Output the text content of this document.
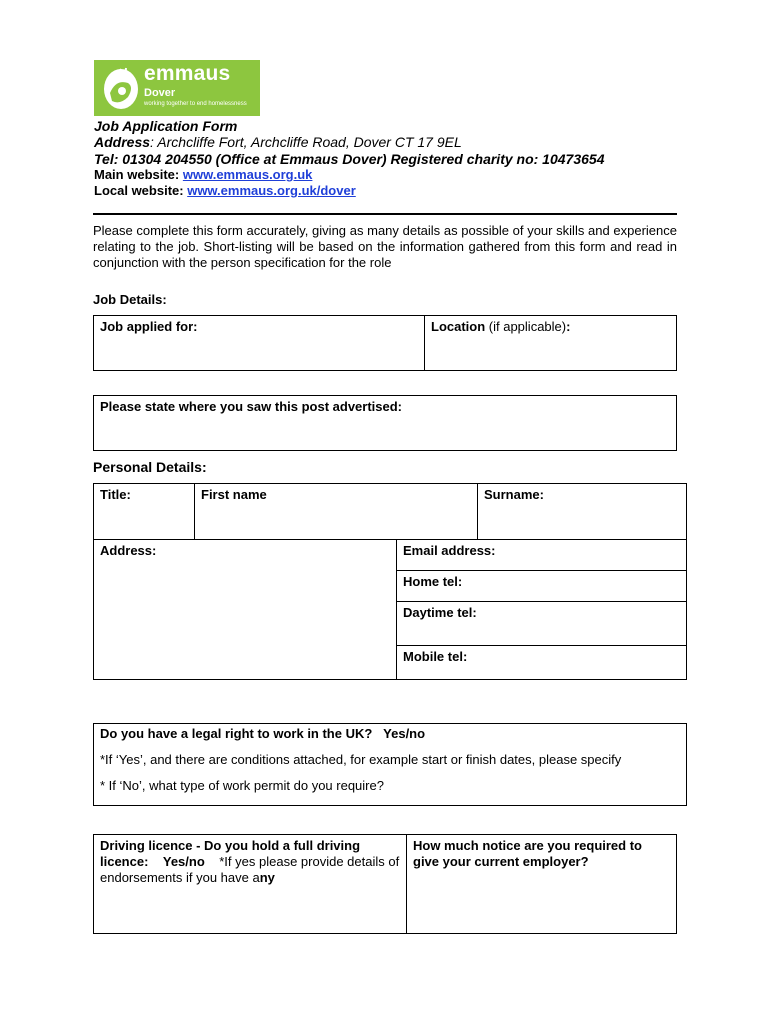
emmaus
Dover
working together to end homelessness
Job Application Form
Address: Archcliffe Fort, Archcliffe Road, Dover CT 17 9EL
Tel: 01304 204550 (Office at Emmaus Dover) Registered charity no: 10473654
Main website: www.emmaus.org.uk
Local website: www.emmaus.org.uk/dover
Please complete this form accurately, giving as many details as possible of your skills and experience relating to the job. Short-listing will be based on the information gathered from this form and read in conjunction with the person specification for the role
Job Details:
Job applied for:	Location (if applicable):
Please state where you saw this post advertised:
Personal Details:
Title:	First name	Surname:
Address:	Email address:
Home tel:
Daytime tel:
Mobile tel:
Do you have a legal right to work in the UK? Yes/no
*If ‘Yes’, and there are conditions attached, for example start or finish dates, please specify
* If ‘No’, what type of work permit do you require?
Driving licence - Do you hold a full driving licence: Yes/no *If yes please provide details of endorsements if you have any	How much notice are you required to give your current employer?
